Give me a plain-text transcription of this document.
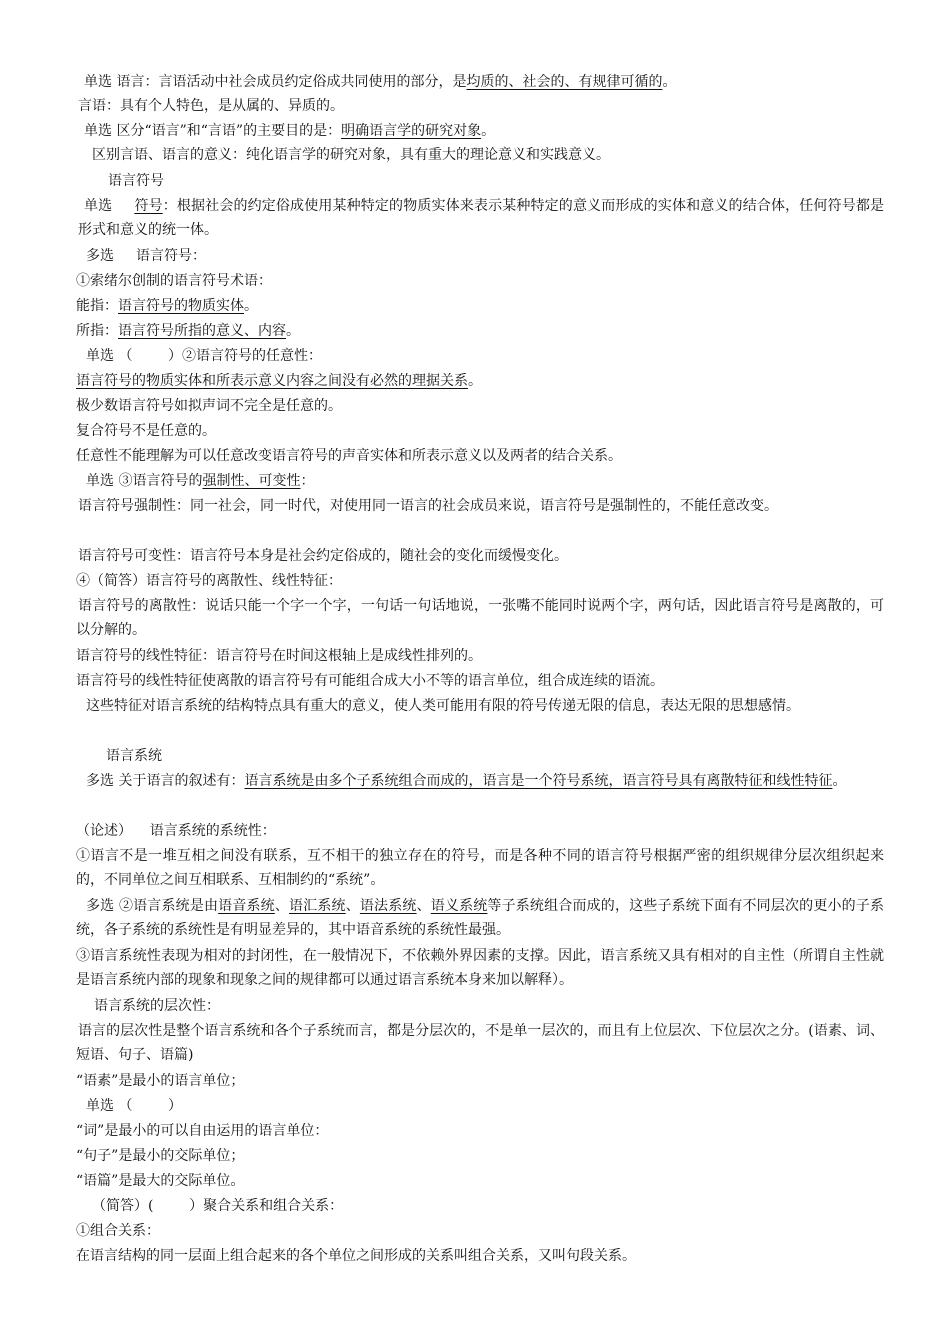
单选 语言：言语活动中社会成员约定俗成共同使用的部分，是均质的、社会的、有规律可循的。
言语：具有个人特色，是从属的、异质的。
单选 区分“语言”和“言语”的主要目的是：明确语言学的研究对象。
区别言语、语言的意义：纯化语言学的研究对象，具有重大的理论意义和实践意义。
语言符号
单选 符号：根据社会的约定俗成使用某种特定的物质实体来表示某种特定的意义而形成的实体和意义的结合体，任何符号都是形式和意义的统一体。
多选 语言符号：
①索绪尔创制的语言符号术语：
能指：语言符号的物质实体。
所指：语言符号所指的意义、内容。
单选 （        ）②语言符号的任意性：
语言符号的物质实体和所表示意义内容之间没有必然的理据关系。
极少数语言符号如拟声词不完全是任意的。
复合符号不是任意的。
任意性不能理解为可以任意改变语言符号的声音实体和所表示意义以及两者的结合关系。
单选 ③语言符号的强制性、可变性：
语言符号强制性：同一社会，同一时代，对使用同一语言的社会成员来说，语言符号是强制性的，不能任意改变。
语言符号可变性：语言符号本身是社会约定俗成的，随社会的变化而缓慢变化。
④（简答）语言符号的离散性、线性特征：
语言符号的离散性：说话只能一个字一个字，一句话一句话地说，一张嘴不能同时说两个字，两句话，因此语言符号是离散的，可以分解的。
语言符号的线性特征：语言符号在时间这根轴上是成线性排列的。
语言符号的线性特征使离散的语言符号有可能组合成大小不等的语言单位，组合成连续的语流。
这些特征对语言系统的结构特点具有重大的意义，使人类可能用有限的符号传递无限的信息，表达无限的思想感情。
语言系统
多选 关于语言的叙述有：语言系统是由多个子系统组合而成的，语言是一个符号系统，语言符号具有离散特征和线性特征。
（论述）    语言系统的系统性：
①语言不是一堆互相之间没有联系，互不相干的独立存在的符号，而是各种不同的语言符号根据严密的组织规律分层次组织起来的，不同单位之间互相联系、互相制约的“系统”。
多选 ②语言系统是由语音系统、语汇系统、语法系统、语义系统等子系统组合而成的，这些子系统下面有不同层次的更小的子系统，各子系统的系统性是有明显差异的，其中语音系统的系统性最强。
③语言系统性表现为相对的封闭性，在一般情况下，不依赖外界因素的支撑。因此，语言系统又具有相对的自主性（所谓自主性就是语言系统内部的现象和现象之间的规律都可以通过语言系统本身来加以解释）。
语言系统的层次性：
语言的层次性是整个语言系统和各个子系统而言，都是分层次的，不是单一层次的，而且有上位层次、下位层次之分。(语素、词、短语、句子、语篇)
“语素”是最小的语言单位；
单选 （        ）
“词”是最小的可以自由运用的语言单位：
“句子”是最小的交际单位；
“语篇”是最大的交际单位。
（简答）(        ）聚合关系和组合关系：
①组合关系：
在语言结构的同一层面上组合起来的各个单位之间形成的关系叫组合关系，又叫句段关系。
